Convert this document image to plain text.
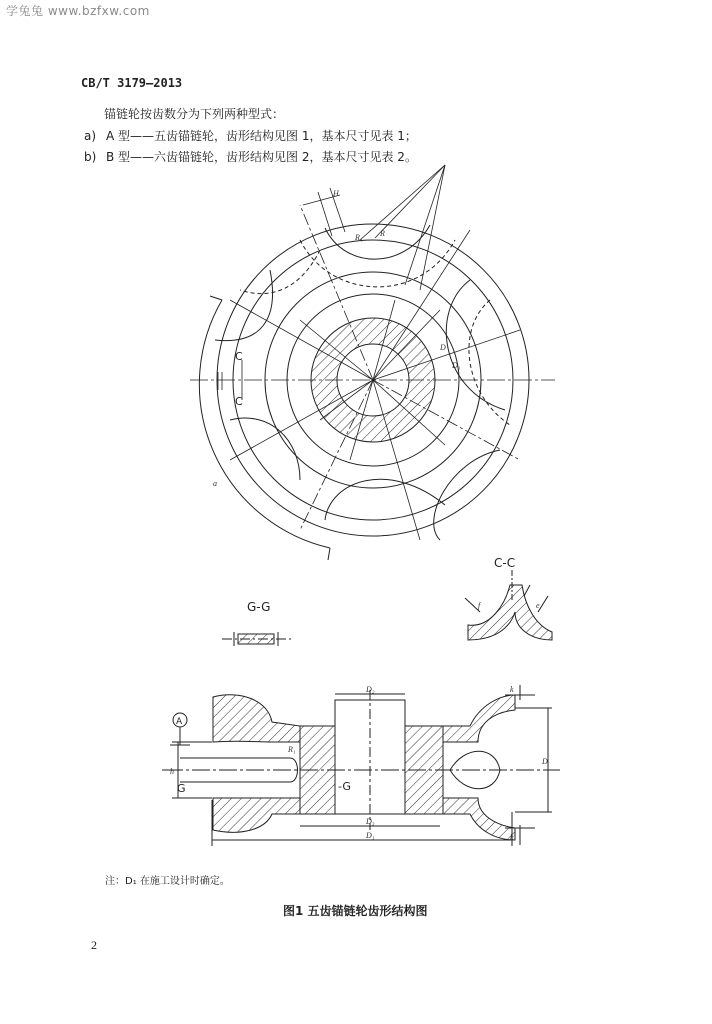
学兔兔 www.bzfxw.com
CB/T 3179—2013
锚链轮按齿数分为下列两种型式：
a) A 型——五齿锚链轮，齿形结构见图 1，基本尺寸见表 1；
b) B 型——六齿锚链轮，齿形结构见图 2，基本尺寸见表 2。
H
R₁ R
D
D₁
a
C
C
f	e
A
G	-G
D₂
D₃
D₁
h
D
k
k
R₁
C-C
G-G
注：D₁ 在施工设计时确定。
图1 五齿锚链轮齿形结构图
2
